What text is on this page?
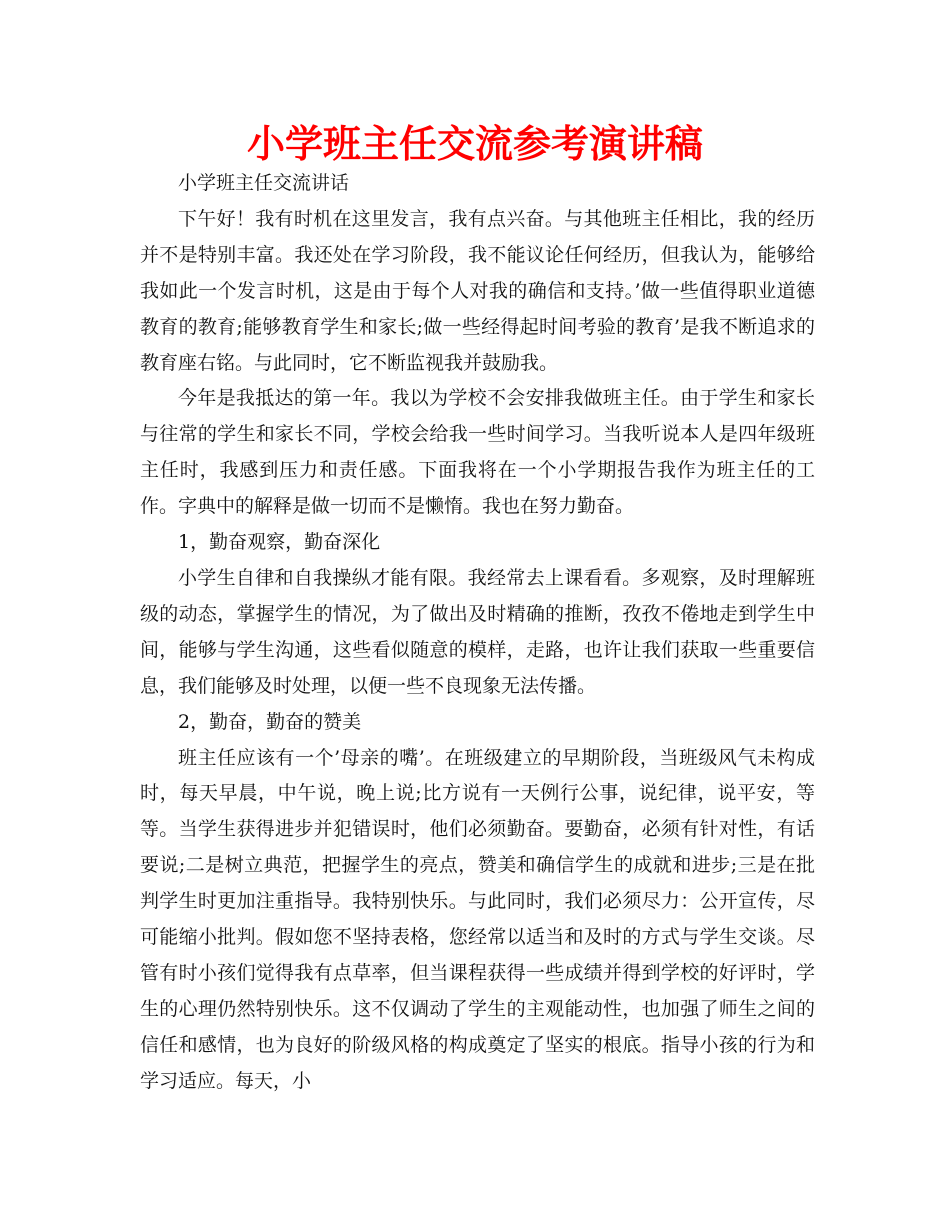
小学班主任交流参考演讲稿

小学班主任交流讲话

下午好！我有时机在这里发言，我有点兴奋。与其他班主任相比，我的经历并不是特别丰富。我还处在学习阶段，我不能议论任何经历，但我认为，能够给我如此一个发言时机，这是由于每个人对我的确信和支持。’做一些值得职业道德教育的教育;能够教育学生和家长;做一些经得起时间考验的教育’是我不断追求的教育座右铭。与此同时，它不断监视我并鼓励我。

今年是我抵达的第一年。我以为学校不会安排我做班主任。由于学生和家长与往常的学生和家长不同，学校会给我一些时间学习。当我听说本人是四年级班主任时，我感到压力和责任感。下面我将在一个小学期报告我作为班主任的工作。字典中的解释是做一切而不是懒惰。我也在努力勤奋。

1，勤奋观察，勤奋深化

小学生自律和自我操纵才能有限。我经常去上课看看。多观察，及时理解班级的动态，掌握学生的情况，为了做出及时精确的推断，孜孜不倦地走到学生中间，能够与学生沟通，这些看似随意的模样，走路，也许让我们获取一些重要信息，我们能够及时处理，以便一些不良现象无法传播。

2，勤奋，勤奋的赞美

班主任应该有一个’母亲的嘴’。在班级建立的早期阶段，当班级风气未构成时，每天早晨，中午说，晚上说;比方说有一天例行公事，说纪律，说平安，等等。当学生获得进步并犯错误时，他们必须勤奋。要勤奋，必须有针对性，有话要说;二是树立典范，把握学生的亮点，赞美和确信学生的成就和进步;三是在批判学生时更加注重指导。我特别快乐。与此同时，我们必须尽力：公开宣传，尽可能缩小批判。假如您不坚持表格，您经常以适当和及时的方式与学生交谈。尽管有时小孩们觉得我有点草率，但当课程获得一些成绩并得到学校的好评时，学生的心理仍然特别快乐。这不仅调动了学生的主观能动性，也加强了师生之间的信任和感情，也为良好的阶级风格的构成奠定了坚实的根底。指导小孩的行为和学习适应。每天，小
